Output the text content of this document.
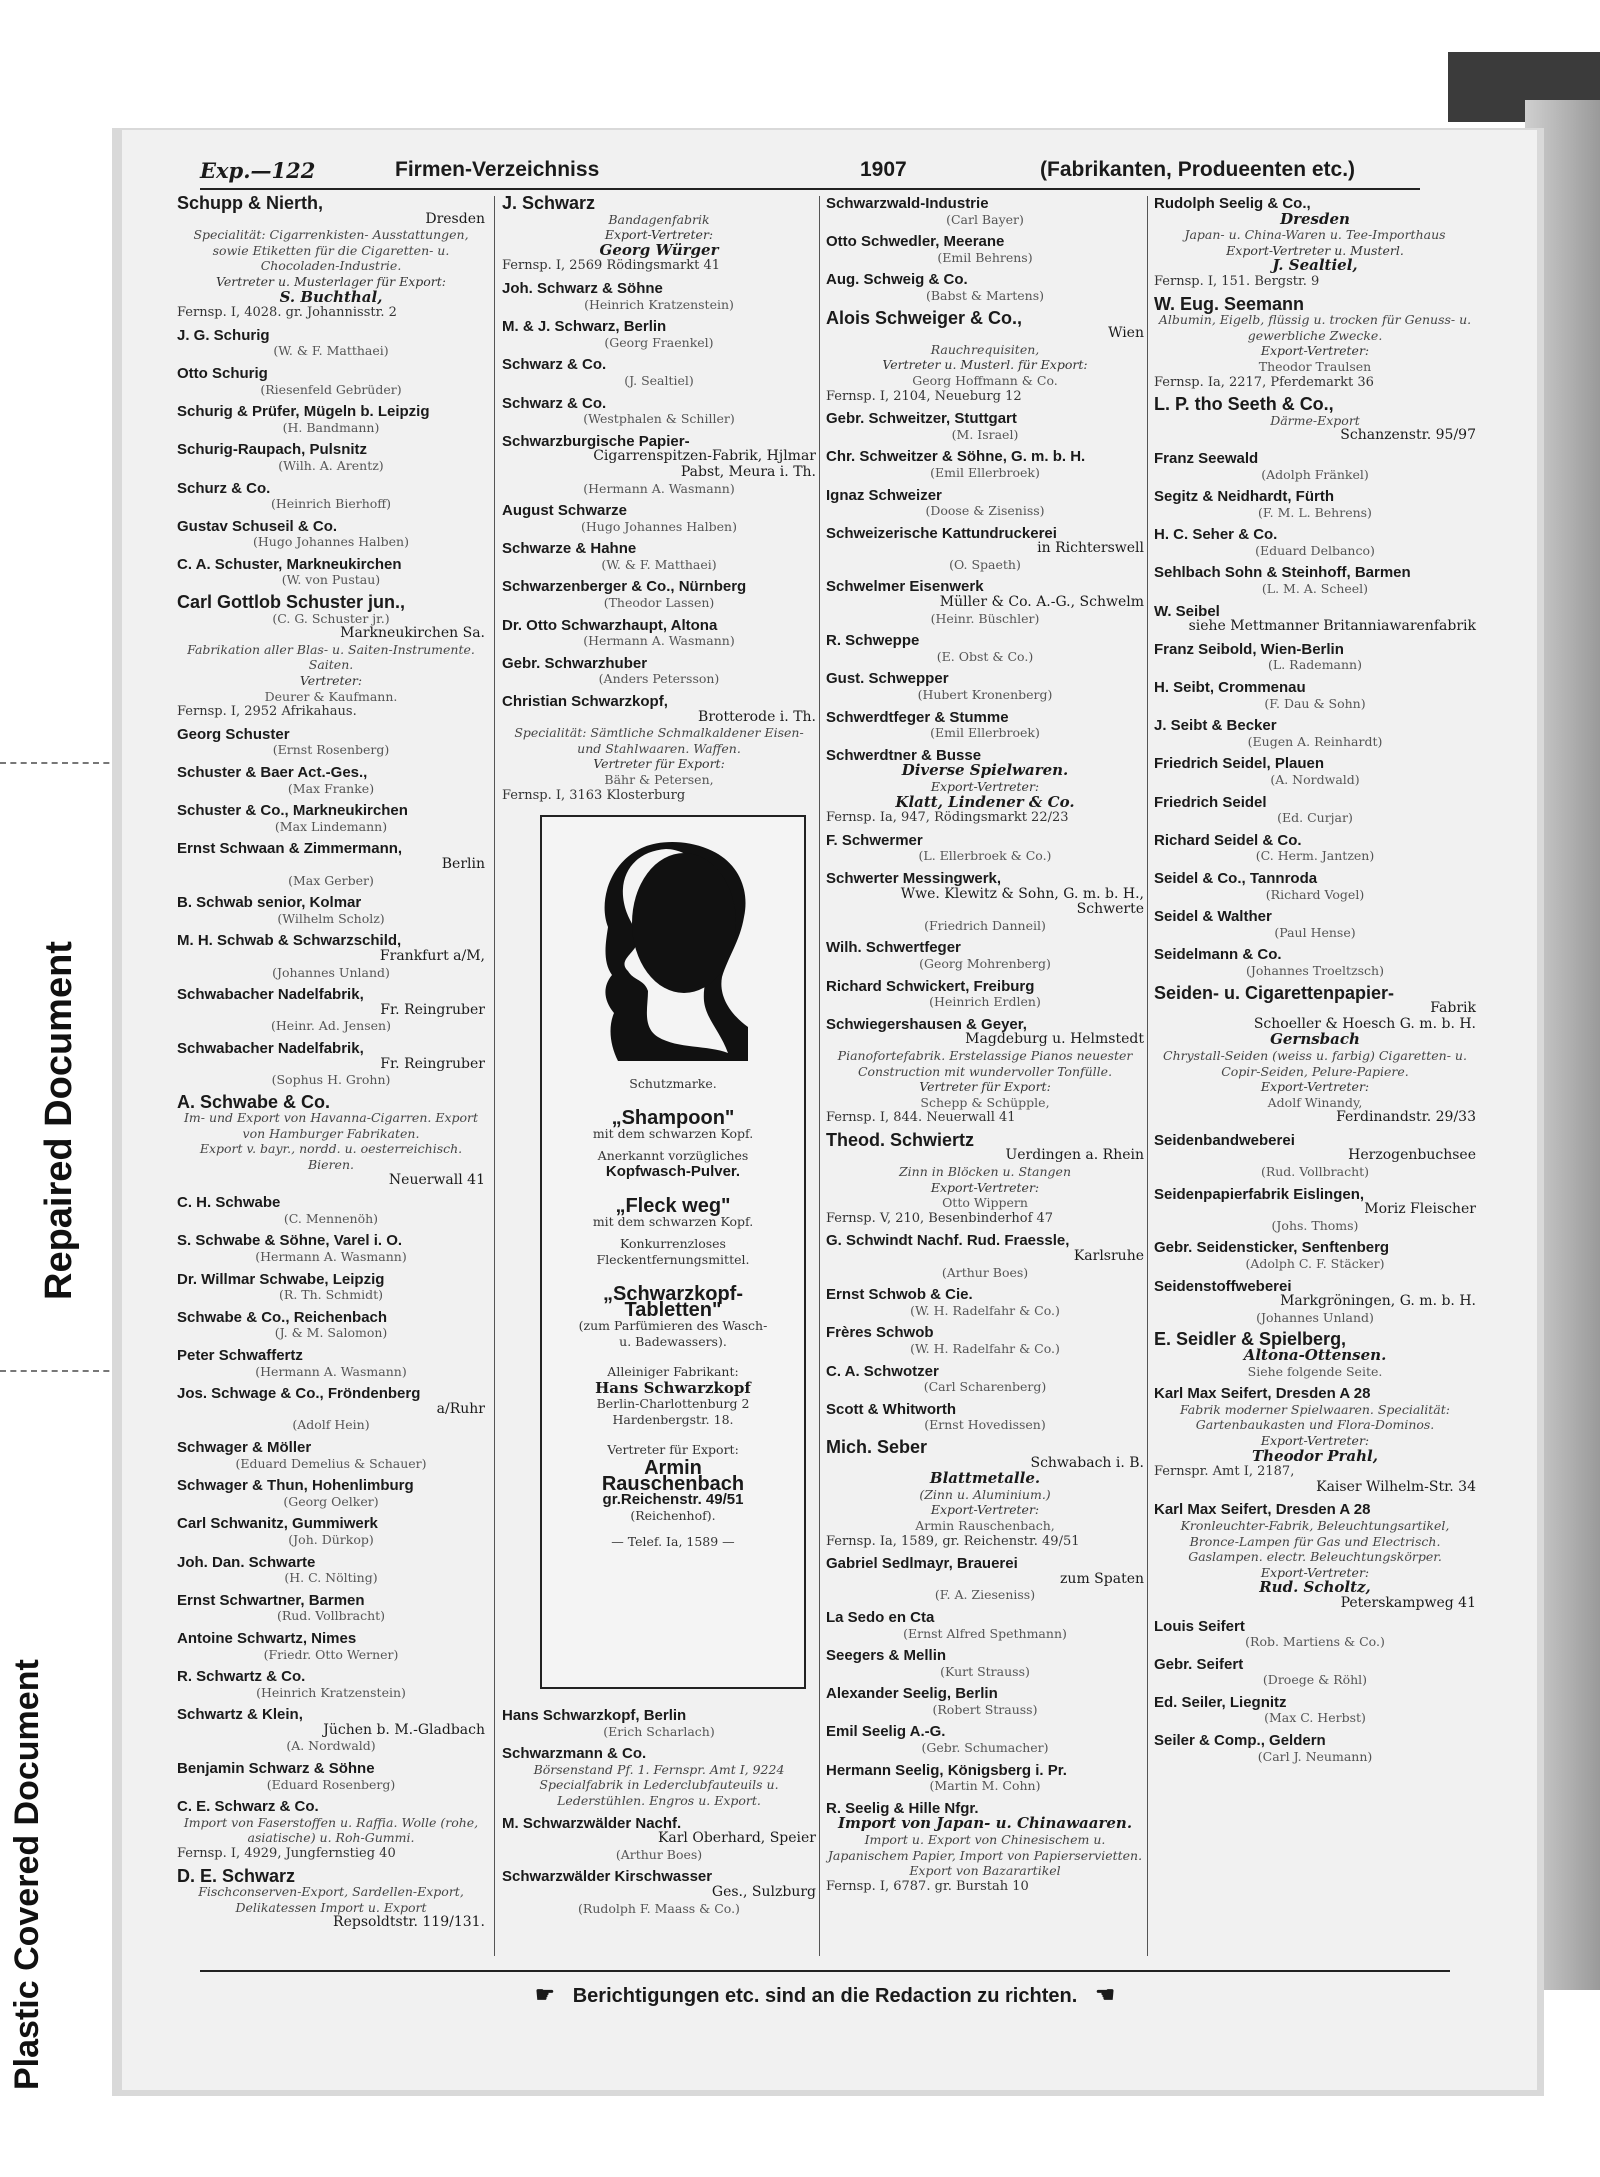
Plastic Covered Document
Repaired Document
Exp.—122	Firmen-Verzeichniss	1907	(Fabrikanten, Produeenten etc.)
Schupp & Nierth,
Dresden
Specialität: Cigarrenkisten- Ausstattungen, sowie Etiketten für die Cigaretten- u. Chocoladen-Industrie.
Vertreter u. Musterlager für Export:
S. Buchthal,
Fernsp. I, 4028. gr. Johannisstr. 2
J. G. Schurig
(W. & F. Matthaei)
Otto Schurig
(Riesenfeld Gebrüder)
Schurig & Prüfer, Mügeln b. Leipzig
(H. Bandmann)
Schurig-Raupach, Pulsnitz
(Wilh. A. Arentz)
Schurz & Co.
(Heinrich Bierhoff)
Gustav Schuseil & Co.
(Hugo Johannes Halben)
C. A. Schuster, Markneukirchen
(W. von Pustau)
Carl Gottlob Schuster jun.,
(C. G. Schuster jr.)
Markneukirchen Sa.
Fabrikation aller Blas- u. Saiten-Instrumente. Saiten.
Vertreter:
Deurer & Kaufmann.
Fernsp. I, 2952 Afrikahaus.
Georg Schuster
(Ernst Rosenberg)
Schuster & Baer Act.-Ges.,
(Max Franke)
Schuster & Co., Markneukirchen
(Max Lindemann)
Ernst Schwaan & Zimmermann,
Berlin
(Max Gerber)
B. Schwab senior, Kolmar
(Wilhelm Scholz)
M. H. Schwab & Schwarzschild,
Frankfurt a/M,
(Johannes Unland)
Schwabacher Nadelfabrik,
Fr. Reingruber
(Heinr. Ad. Jensen)
Schwabacher Nadelfabrik,
Fr. Reingruber
(Sophus H. Grohn)
A. Schwabe & Co.
Im- und Export von Havanna-Cigarren. Export von Hamburger Fabrikaten.
Export v. bayr., nordd. u. oesterreichisch. Bieren.
Neuerwall 41
C. H. Schwabe
(C. Mennenöh)
S. Schwabe & Söhne, Varel i. O.
(Hermann A. Wasmann)
Dr. Willmar Schwabe, Leipzig
(R. Th. Schmidt)
Schwabe & Co., Reichenbach
(J. & M. Salomon)
Peter Schwaffertz
(Hermann A. Wasmann)
Jos. Schwage & Co., Fröndenberg
a/Ruhr
(Adolf Hein)
Schwager & Möller
(Eduard Demelius & Schauer)
Schwager & Thun, Hohenlimburg
(Georg Oelker)
Carl Schwanitz, Gummiwerk
(Joh. Dürkop)
Joh. Dan. Schwarte
(H. C. Nölting)
Ernst Schwartner, Barmen
(Rud. Vollbracht)
Antoine Schwartz, Nimes
(Friedr. Otto Werner)
R. Schwartz & Co.
(Heinrich Kratzenstein)
Schwartz & Klein,
Jüchen b. M.-Gladbach
(A. Nordwald)
Benjamin Schwarz & Söhne
(Eduard Rosenberg)
C. E. Schwarz & Co.
Import von Faserstoffen u. Raffia. Wolle (rohe, asiatische) u. Roh-Gummi.
Fernsp. I, 4929, Jungfernstieg 40
D. E. Schwarz
Fischconserven-Export, Sardellen-Export, Delikatessen Import u. Export
Repsoldtstr. 119/131.
J. Schwarz
Bandagenfabrik
Export-Vertreter:
Georg Würger
Fernsp. I, 2569 Rödingsmarkt 41
Joh. Schwarz & Söhne
(Heinrich Kratzenstein)
M. & J. Schwarz, Berlin
(Georg Fraenkel)
Schwarz & Co.
(J. Sealtiel)
Schwarz & Co.
(Westphalen & Schiller)
Schwarzburgische Papier-
Cigarrenspitzen-Fabrik, Hjlmar
Pabst, Meura i. Th.
(Hermann A. Wasmann)
August Schwarze
(Hugo Johannes Halben)
Schwarze & Hahne
(W. & F. Matthaei)
Schwarzenberger & Co., Nürnberg
(Theodor Lassen)
Dr. Otto Schwarzhaupt, Altona
(Hermann A. Wasmann)
Gebr. Schwarzhuber
(Anders Petersson)
Christian Schwarzkopf,
Brotterode i. Th.
Specialität: Sämtliche Schmalkaldener Eisen- und Stahlwaaren. Waffen.
Vertreter für Export:
Bähr & Petersen,
Fernsp. I, 3163 Klosterburg
Schwarzwald-Industrie
(Carl Bayer)
Otto Schwedler, Meerane
(Emil Behrens)
Aug. Schweig & Co.
(Babst & Martens)
Alois Schweiger & Co.,
Wien
Rauchrequisiten,
Vertreter u. Musterl. für Export:
Georg Hoffmann & Co.
Fernsp. I, 2104, Neueburg 12
Gebr. Schweitzer, Stuttgart
(M. Israel)
Chr. Schweitzer & Söhne, G. m. b. H.
(Emil Ellerbroek)
Ignaz Schweizer
(Doose & Ziseniss)
Schweizerische Kattundruckerei
in Richterswell
(O. Spaeth)
Schwelmer Eisenwerk
Müller & Co. A.-G., Schwelm
(Heinr. Büschler)
R. Schweppe
(E. Obst & Co.)
Gust. Schwepper
(Hubert Kronenberg)
Schwerdtfeger & Stumme
(Emil Ellerbroek)
Schwerdtner & Busse
Diverse Spielwaren.
Export-Vertreter:
Klatt, Lindener & Co.
Fernsp. Ia, 947, Rödingsmarkt 22/23
F. Schwermer
(L. Ellerbroek & Co.)
Schwerter Messingwerk,
Wwe. Klewitz & Sohn, G. m. b. H.,
Schwerte
(Friedrich Danneil)
Wilh. Schwertfeger
(Georg Mohrenberg)
Richard Schwickert, Freiburg
(Heinrich Erdlen)
Schwiegershausen & Geyer,
Magdeburg u. Helmstedt
Pianofortefabrik. Erstelassige Pianos neuester Construction mit wundervoller Tonfülle.
Vertreter für Export:
Schepp & Schüpple,
Fernsp. I, 844. Neuerwall 41
Theod. Schwiertz
Uerdingen a. Rhein
Zinn in Blöcken u. Stangen
Export-Vertreter:
Otto Wippern
Fernsp. V, 210, Besenbinderhof 47
G. Schwindt Nachf. Rud. Fraessle,
Karlsruhe
(Arthur Boes)
Ernst Schwob & Cie.
(W. H. Radelfahr & Co.)
Frères Schwob
(W. H. Radelfahr & Co.)
C. A. Schwotzer
(Carl Scharenberg)
Scott & Whitworth
(Ernst Hovedissen)
Mich. Seber
Schwabach i. B.
Blattmetalle.
(Zinn u. Aluminium.)
Export-Vertreter:
Armin Rauschenbach,
Fernsp. Ia, 1589, gr. Reichenstr. 49/51
Gabriel Sedlmayr, Brauerei
zum Spaten
(F. A. Zieseniss)
La Sedo en Cta
(Ernst Alfred Spethmann)
Seegers & Mellin
(Kurt Strauss)
Alexander Seelig, Berlin
(Robert Strauss)
Emil Seelig A.-G.
(Gebr. Schumacher)
Hermann Seelig, Königsberg i. Pr.
(Martin M. Cohn)
R. Seelig & Hille Nfgr.
Import von Japan- u. Chinawaaren.
Import u. Export von Chinesischem u. Japanischem Papier, Import von Papierservietten.
Export von Bazarartikel
Fernsp. I, 6787. gr. Burstah 10
Rudolph Seelig & Co.,
Dresden
Japan- u. China-Waren u. Tee-Importhaus
Export-Vertreter u. Musterl.
J. Sealtiel,
Fernsp. I, 151. Bergstr. 9
W. Eug. Seemann
Albumin, Eigelb, flüssig u. trocken für Genuss- u. gewerbliche Zwecke.
Export-Vertreter:
Theodor Traulsen
Fernsp. Ia, 2217, Pferdemarkt 36
L. P. tho Seeth & Co.,
Därme-Export
Schanzenstr. 95/97
Franz Seewald
(Adolph Fränkel)
Segitz & Neidhardt, Fürth
(F. M. L. Behrens)
H. C. Seher & Co.
(Eduard Delbanco)
Sehlbach Sohn & Steinhoff, Barmen
(L. M. A. Scheel)
W. Seibel
siehe Mettmanner Britanniawarenfabrik
Franz Seibold, Wien-Berlin
(L. Rademann)
H. Seibt, Crommenau
(F. Dau & Sohn)
J. Seibt & Becker
(Eugen A. Reinhardt)
Friedrich Seidel, Plauen
(A. Nordwald)
Friedrich Seidel
(Ed. Curjar)
Richard Seidel & Co.
(C. Herm. Jantzen)
Seidel & Co., Tannroda
(Richard Vogel)
Seidel & Walther
(Paul Hense)
Seidelmann & Co.
(Johannes Troeltzsch)
Seiden- u. Cigarettenpapier-
Fabrik
Schoeller & Hoesch G. m. b. H.
Gernsbach
Chrystall-Seiden (weiss u. farbig) Cigaretten- u. Copir-Seiden, Pelure-Papiere.
Export-Vertreter:
Adolf Winandy,
Ferdinandstr. 29/33
Seidenbandweberei
Herzogenbuchsee
(Rud. Vollbracht)
Seidenpapierfabrik Eislingen,
Moriz Fleischer
(Johs. Thoms)
Gebr. Seidensticker, Senftenberg
(Adolph C. F. Stäcker)
Seidenstoffweberei
Markgröningen, G. m. b. H.
(Johannes Unland)
E. Seidler & Spielberg,
Altona-Ottensen.
Siehe folgende Seite.
Karl Max Seifert, Dresden A 28
Fabrik moderner Spielwaaren. Specialität: Gartenbaukasten und Flora-Dominos.
Export-Vertreter:
Theodor Prahl,
Fernspr. Amt I, 2187,
Kaiser Wilhelm-Str. 34
Karl Max Seifert, Dresden A 28
Kronleuchter-Fabrik, Beleuchtungsartikel, Bronce-Lampen für Gas und Electrisch. Gaslampen. electr. Beleuchtungskörper.
Export-Vertreter:
Rud. Scholtz,
Peterskampweg 41
Louis Seifert
(Rob. Martiens & Co.)
Gebr. Seifert
(Droege & Röhl)
Ed. Seiler, Liegnitz
(Max C. Herbst)
Seiler & Comp., Geldern
(Carl J. Neumann)
Hans Schwarzkopf, Berlin
(Erich Scharlach)
Schwarzmann & Co.
Börsenstand Pf. 1. Fernspr. Amt I, 9224 Specialfabrik in Lederclubfauteuils u. Lederstühlen. Engros u. Export.
M. Schwarzwälder Nachf.
Karl Oberhard, Speier
(Arthur Boes)
Schwarzwälder Kirschwasser
Ges., Sulzburg
(Rudolph F. Maass & Co.)
Schutzmarke.
„Shampoon"
mit dem schwarzen Kopf.
Anerkannt vorzügliches
Kopfwasch-Pulver.
„Fleck weg"
mit dem schwarzen Kopf.
Konkurrenzloses Fleckentfernungsmittel.
„Schwarzkopf-Tabletten"
(zum Parfümieren des Wasch- u. Badewassers).
Alleiniger Fabrikant:
Hans Schwarzkopf
Berlin-Charlottenburg 2
Hardenbergstr. 18.
Vertreter für Export:
Armin
Rauschenbach
gr.Reichenstr. 49/51
(Reichenhof).
— Telef. Ia, 1589 —
☛ Berichtigungen etc. sind an die Redaction zu richten. ☚
